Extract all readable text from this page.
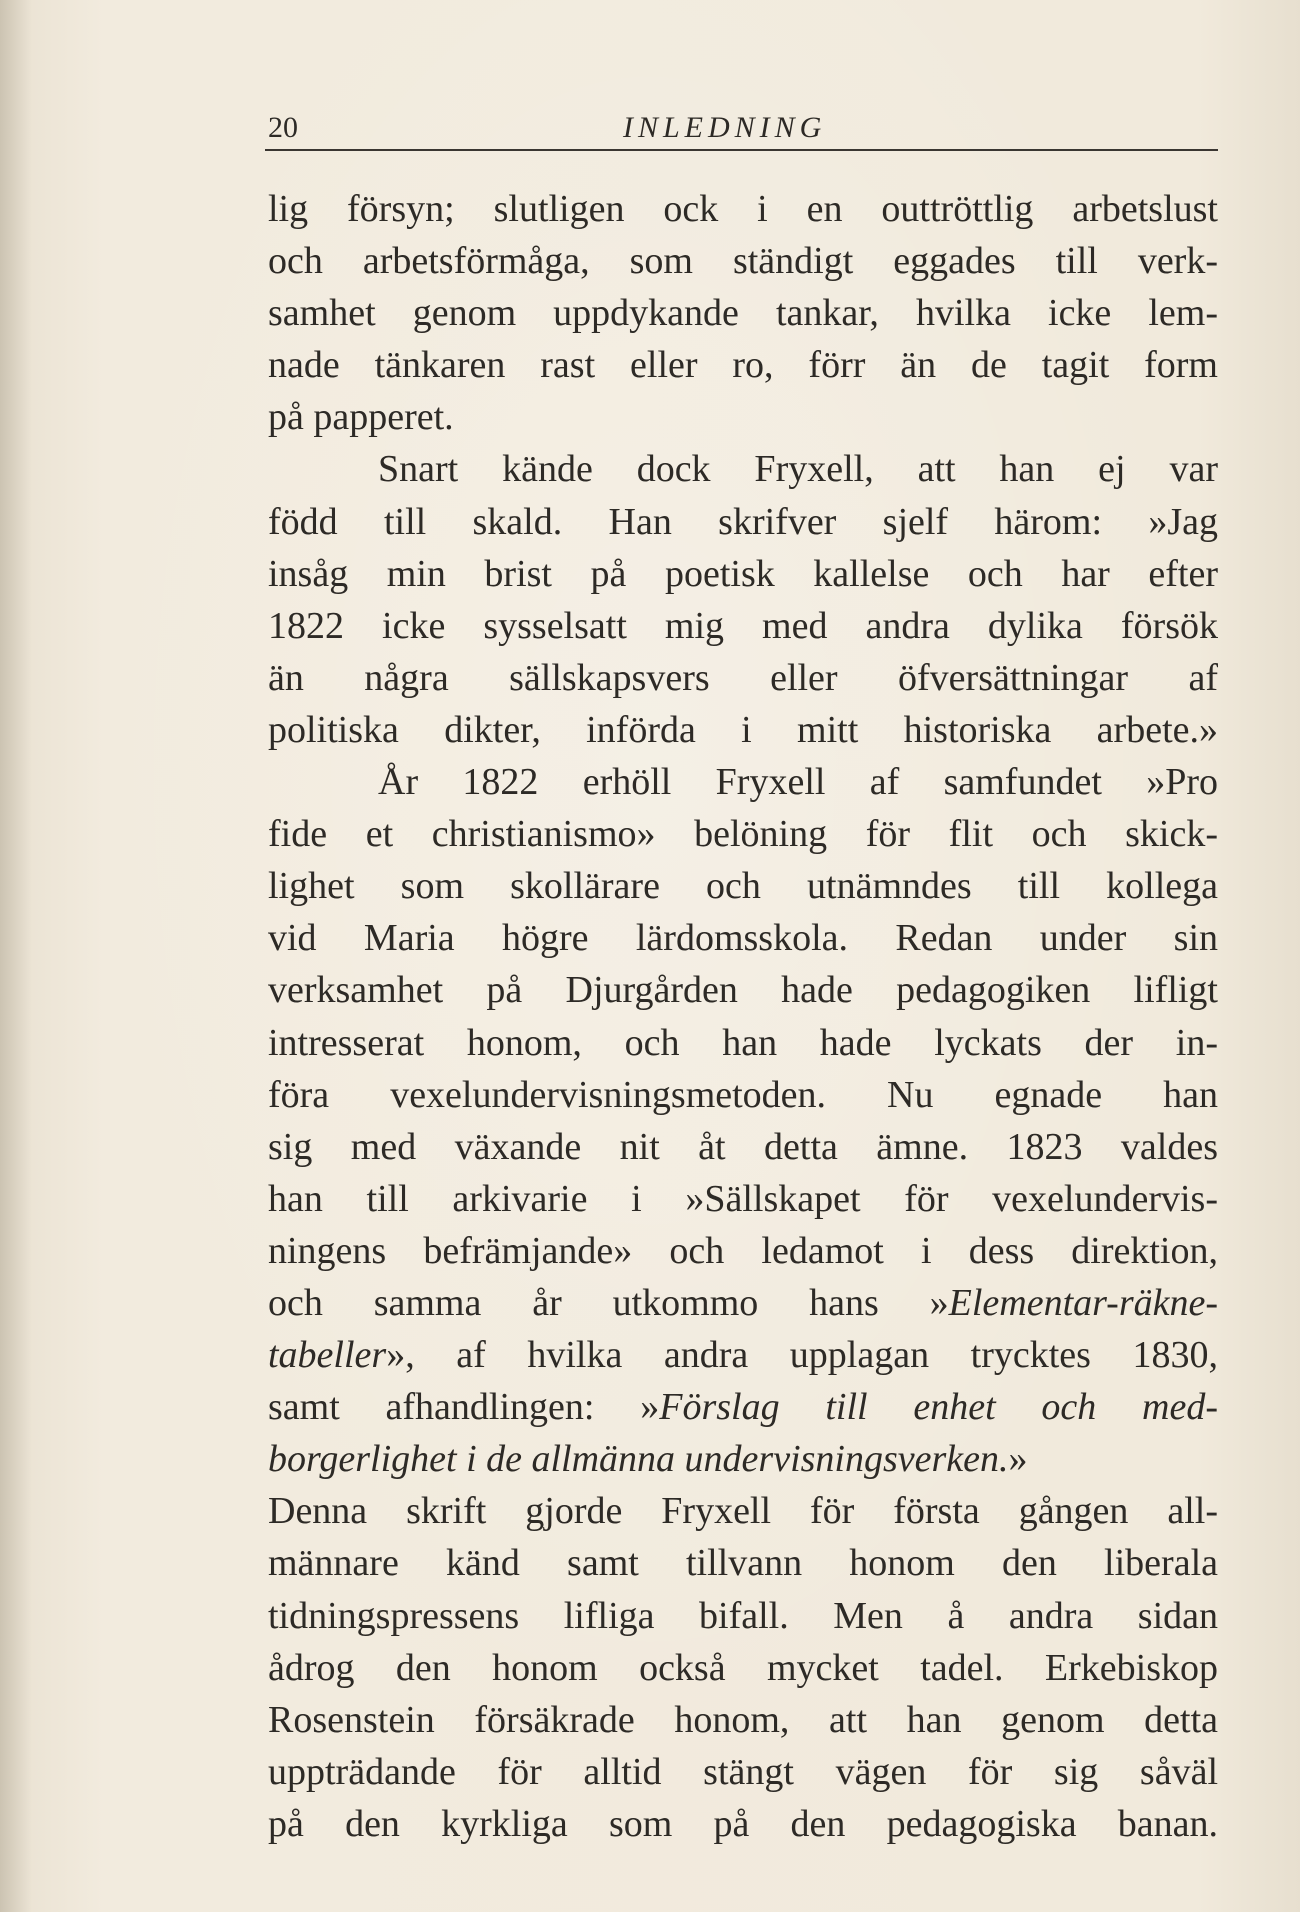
20	INLEDNING
lig försyn; slutligen ock i en outtröttlig arbetslust
och arbetsförmåga, som ständigt eggades till verk-
samhet genom uppdykande tankar, hvilka icke lem-
nade tänkaren rast eller ro, förr än de tagit form
på papperet.
Snart kände dock Fryxell, att han ej var
född till skald. Han skrifver sjelf härom: »Jag
insåg min brist på poetisk kallelse och har efter
1822 icke sysselsatt mig med andra dylika försök
än några sällskapsvers eller öfversättningar af
politiska dikter, införda i mitt historiska arbete.»
År 1822 erhöll Fryxell af samfundet »Pro
fide et christianismo» belöning för flit och skick-
lighet som skollärare och utnämndes till kollega
vid Maria högre lärdomsskola. Redan under sin
verksamhet på Djurgården hade pedagogiken lifligt
intresserat honom, och han hade lyckats der in-
föra vexelundervisningsmetoden. Nu egnade han
sig med växande nit åt detta ämne. 1823 valdes
han till arkivarie i »Sällskapet för vexelundervis-
ningens befrämjande» och ledamot i dess direktion,
och samma år utkommo hans »Elementar-räkne-
tabeller», af hvilka andra upplagan trycktes 1830,
samt afhandlingen: »Förslag till enhet och med-
borgerlighet i de allmänna undervisningsverken.»
Denna skrift gjorde Fryxell för första gången all-
männare känd samt tillvann honom den liberala
tidningspressens lifliga bifall. Men å andra sidan
ådrog den honom också mycket tadel. Erkebiskop
Rosenstein försäkrade honom, att han genom detta
uppträdande för alltid stängt vägen för sig såväl
på den kyrkliga som på den pedagogiska banan.
